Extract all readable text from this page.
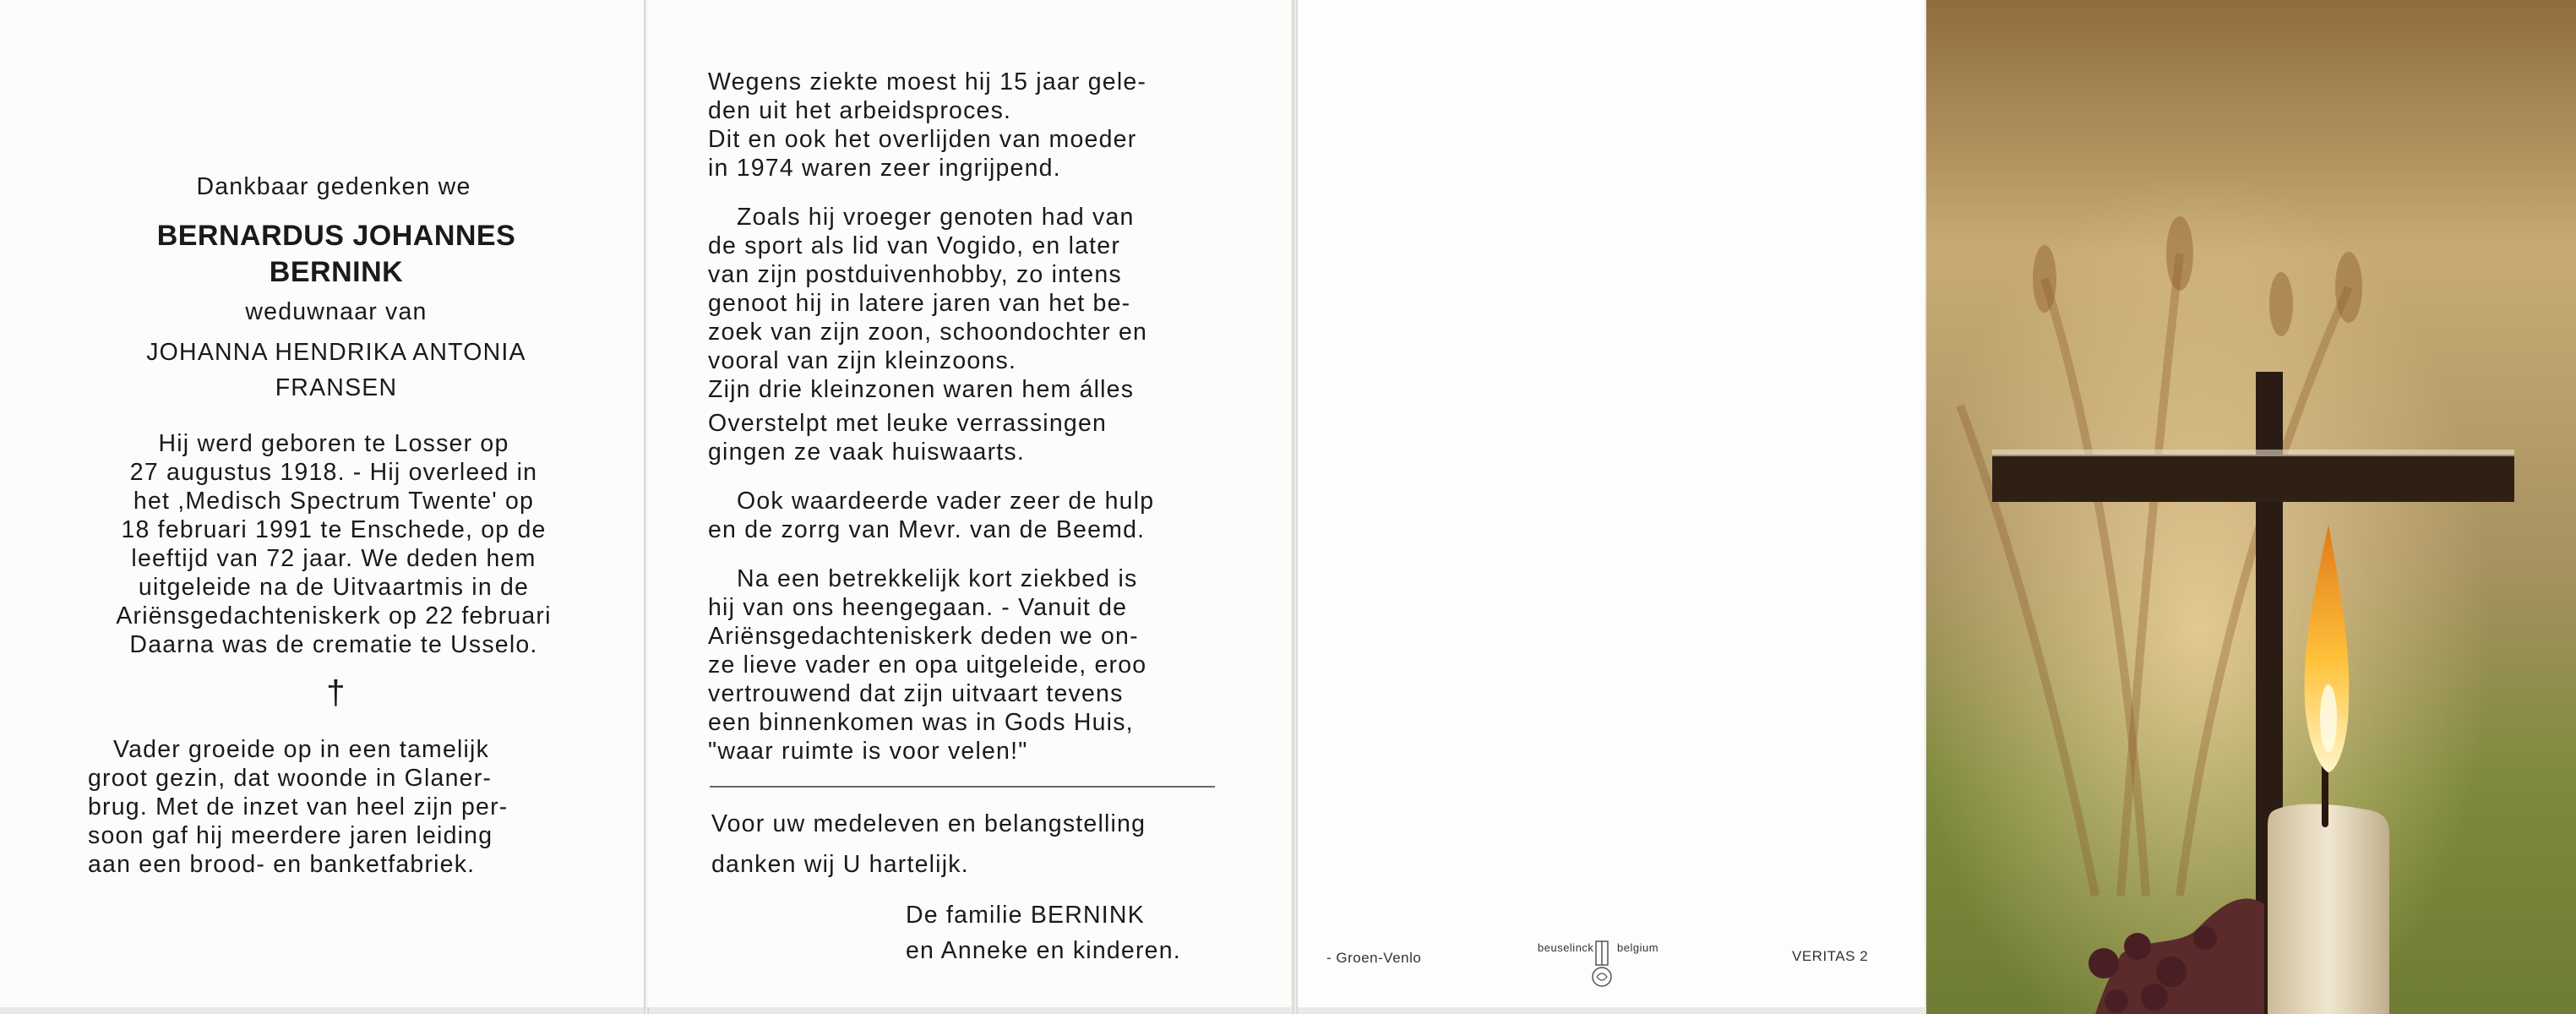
Dankbaar gedenken we
BERNARDUS JOHANNES
BERNINK
weduwnaar van
JOHANNA HENDRIKA ANTONIA
FRANSEN
Hij werd geboren te Losser op
27 augustus 1918. - Hij overleed in
het ,Medisch Spectrum Twente' op
18 februari 1991 te Enschede, op de
leeftijd van 72 jaar. We deden hem
uitgeleide na de Uitvaartmis in de
Ariënsgedachteniskerk op 22 februari
Daarna was de crematie te Usselo.
†
Vader groeide op in een tamelijk
groot gezin, dat woonde in Glaner-
brug. Met de inzet van heel zijn per-
soon gaf hij meerdere jaren leiding
aan een brood- en banketfabriek.
Wegens ziekte moest hij 15 jaar gele-
den uit het arbeidsproces.
Dit en ook het overlijden van moeder
in 1974 waren zeer ingrijpend.
Zoals hij vroeger genoten had van
de sport als lid van Vogido, en later
van zijn postduivenhobby, zo intens
genoot hij in latere jaren van het be-
zoek van zijn zoon, schoondochter en
vooral van zijn kleinzoons.
Zijn drie kleinzonen waren hem álles
Overstelpt met leuke verrassingen
gingen ze vaak huiswaarts.
Ook waardeerde vader zeer de hulp
en de zorrg van Mevr. van de Beemd.
Na een betrekkelijk kort ziekbed is
hij van ons heengegaan. - Vanuit de
Ariënsgedachteniskerk deden we on-
ze lieve vader en opa uitgeleide, eroo
vertrouwend dat zijn uitvaart tevens
een binnenkomen was in Gods Huis,
"waar ruimte is voor velen!"
Voor uw medeleven en belangstelling
danken wij U hartelijk.
De familie BERNINK
en Anneke en kinderen.	- Groen-Venlo
beuselinck belgium
VERITAS 2
